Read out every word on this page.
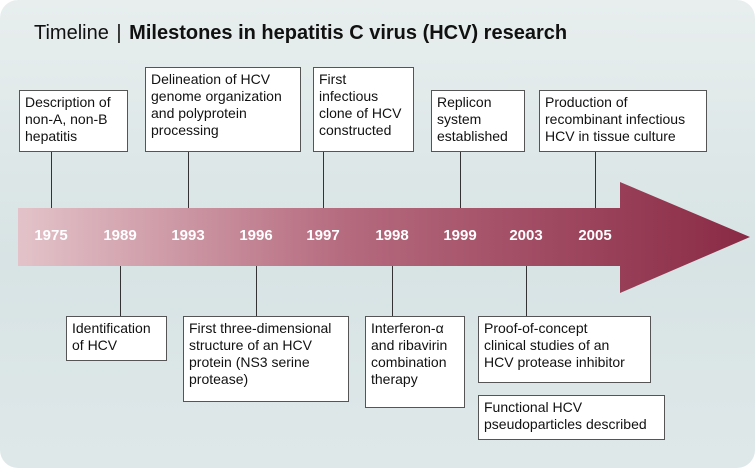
Timeline | Milestones in hepatitis C virus (HCV) research
1975 1989 1993 1996 1997 1998 1999 2003 2005
Description of
non-A, non-B
hepatitis
Delineation of HCV
genome organization
and polyprotein
processing
First
infectious
clone of HCV
constructed
Replicon
system
established
Production of
recombinant infectious
HCV in tissue culture
Identification
of HCV
First three-dimensional
structure of an HCV
protein (NS3 serine
protease)
Interferon-α
and ribavirin
combination
therapy
Proof-of-concept
clinical studies of an
HCV protease inhibitor
Functional HCV
pseudoparticles described
